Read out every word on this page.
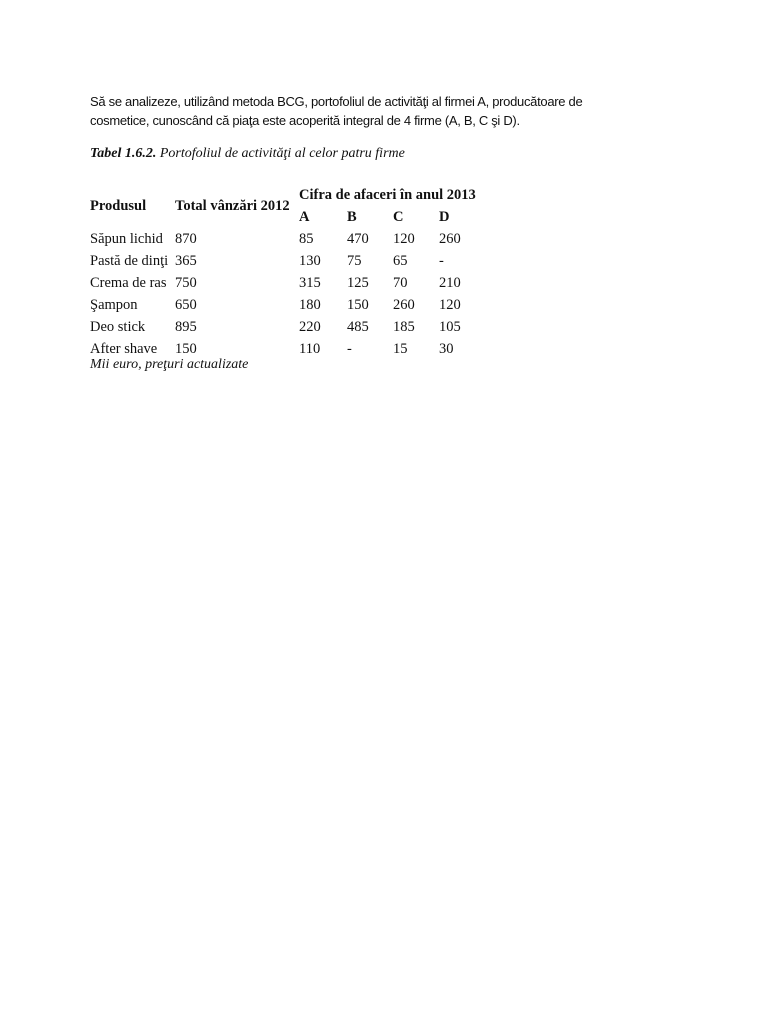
Să se analizeze, utilizând metoda BCG, portofoliul de activităţi al firmei A, producătoare de
cosmetice, cunoscând că piaţa este acoperită integral de 4 firme (A, B, C şi D).
Tabel 1.6.2. Portofoliul de activităţi al celor patru firme
Produsul	Total vânzări 2012	Cifra de afaceri în anul 2013			
		A	B	C	D
Săpun lichid	870	85	470	120	260
Pastă de dinţi	365	130	75	65	-
Crema de ras	750	315	125	70	210
Şampon	650	180	150	260	120
Deo stick	895	220	485	185	105
After shave	150	110	-	15	30
Mii euro, preţuri actualizate
